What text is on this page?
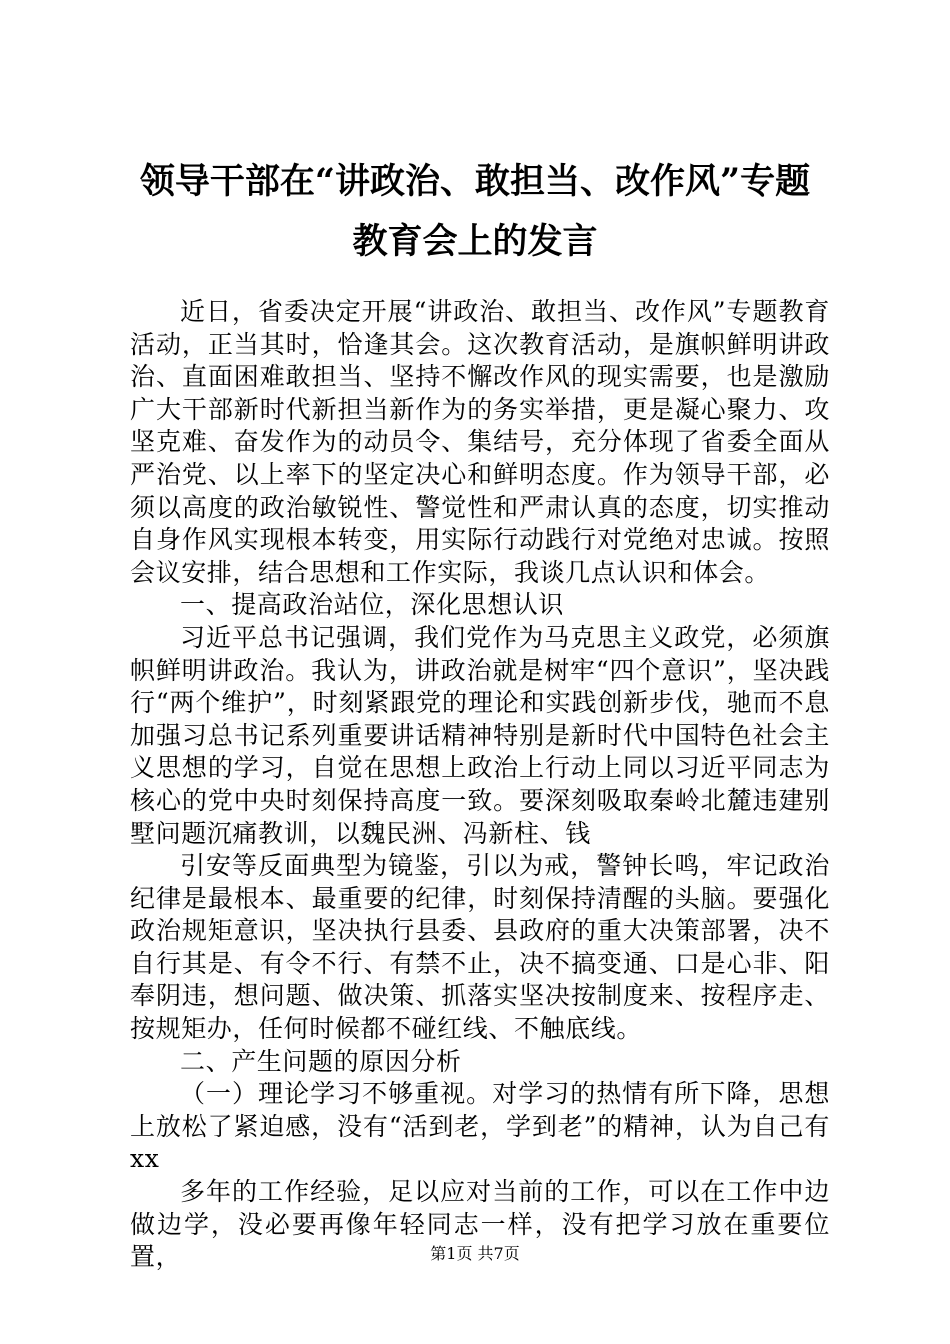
领导干部在“讲政治、敢担当、改作风”专题
教育会上的发言

近日，省委决定开展“讲政治、敢担当、改作风”专题教育活动，正当其时，恰逢其会。这次教育活动，是旗帜鲜明讲政治、直面困难敢担当、坚持不懈改作风的现实需要，也是激励广大干部新时代新担当新作为的务实举措，更是凝心聚力、攻坚克难、奋发作为的动员令、集结号，充分体现了省委全面从严治党、以上率下的坚定决心和鲜明态度。作为领导干部，必须以高度的政治敏锐性、警觉性和严肃认真的态度，切实推动自身作风实现根本转变，用实际行动践行对党绝对忠诚。按照会议安排，结合思想和工作实际，我谈几点认识和体会。

一、提高政治站位，深化思想认识

习近平总书记强调，我们党作为马克思主义政党，必须旗帜鲜明讲政治。我认为，讲政治就是树牢“四个意识”，坚决践行“两个维护”，时刻紧跟党的理论和实践创新步伐，驰而不息加强习总书记系列重要讲话精神特别是新时代中国特色社会主义思想的学习，自觉在思想上政治上行动上同以习近平同志为核心的党中央时刻保持高度一致。要深刻吸取秦岭北麓违建别墅问题沉痛教训，以魏民洲、冯新柱、钱

引安等反面典型为镜鉴，引以为戒，警钟长鸣，牢记政治纪律是最根本、最重要的纪律，时刻保持清醒的头脑。要强化政治规矩意识，坚决执行县委、县政府的重大决策部署，决不自行其是、有令不行、有禁不止，决不搞变通、口是心非、阳奉阴违，想问题、做决策、抓落实坚决按制度来、按程序走、按规矩办，任何时候都不碰红线、不触底线。

二、产生问题的原因分析

（一）理论学习不够重视。对学习的热情有所下降，思想上放松了紧迫感，没有“活到老，学到老”的精神，认为自己有xx

多年的工作经验，足以应对当前的工作，可以在工作中边做边学，没必要再像年轻同志一样，没有把学习放在重要位置，	第1页 共7页
